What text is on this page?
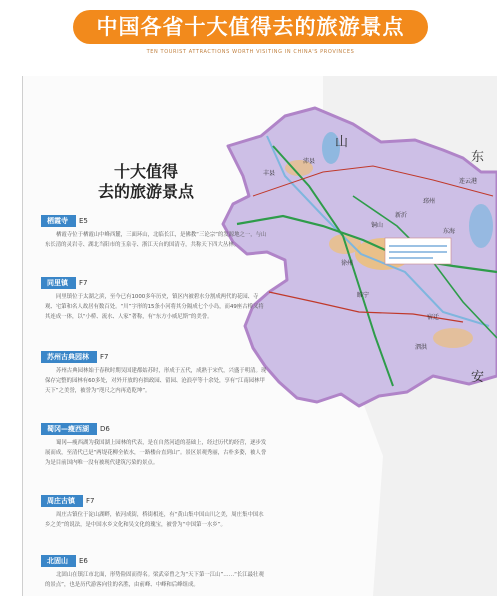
中国各省十大值得去的旅游景点
TEN TOURIST ATTRACTIONS WORTH VISITING IN CHINA'S PROVINCES
山
东
安
丰县
沛县
徐州
邳州
铜山
新沂
睢宁
宿迁
泗洪
连云港
东海
十大值得
去的旅游景点
栖霞寺 E5
栖霞寺位于栖霞山中峰西麓，三面环山，北临长江，是佛教“三论宗”的发源地之一，与山东长清的灵岩寺、湖北当阳市的玉泉寺、浙江天台的国清寺，共称天下四大丛林。
同里镇 F7
同里镇位于太湖之滨，至今已有1000多年历史，镇区内被碧水分割成两代的花园、寺观、宅第和名人故居有数百处。“川”字形的15条小河将其分隔成七个小岛，而49座古桥又将其连成一体，以“小桥、流水、人家”著称，有“东方小威尼斯”的美誉。
苏州古典园林 F7
苏州古典园林始于春秋时期吴国建都姑苏时，形成于五代，成熟于宋代，兴盛于明清。现保存完整的园林有60多处，对外开放的有拙政园、留园、沧浪亭等十余处，享有“江南园林甲天下”之美誉，被誉为“咫尺之内再造乾坤”。
蜀冈—瘦西湖 D6
蜀冈—瘦西湖为我国湖上园林的代表，是在自然河道的基础上，经过历代的经营，逐步发展而成，至清代已是“两堤花柳全依水，一路楼台直到山”。景区景观秀丽，古朴多姿，被人誉为是目前国内唯一没有被现代建筑污染的景点。
周庄古镇 F7
周庄古镇位于淀山湖畔，依河成街，桥街相连，有“黄山集中国山川之美，周庄集中国水乡之美”的说法，是中国水乡文化和吴文化的瑰宝，被誉为“中国第一水乡”。
北固山 E6
北固山在镇江市北面，形势险固而得名。梁武帝曾之为“天下第一江山”……“长江最壮观的景点”，也是历代游客向往的名胜，由前峰、中峰和后峰组成。
